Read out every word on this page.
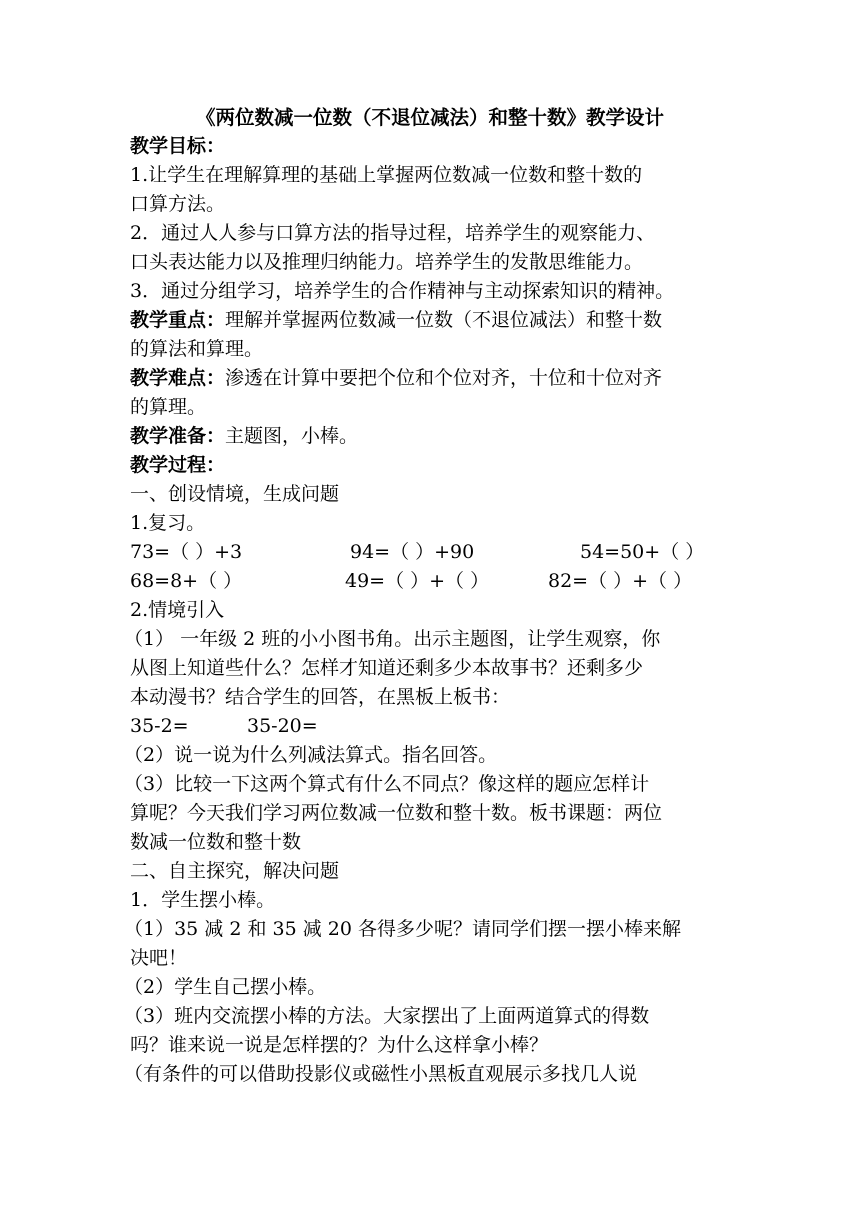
《两位数减一位数（不退位减法）和整十数》教学设计
教学目标：
1.让学生在理解算理的基础上掌握两位数减一位数和整十数的
口算方法。
2．通过人人参与口算方法的指导过程，培养学生的观察能力、
口头表达能力以及推理归纳能力。培养学生的发散思维能力。
3．通过分组学习，培养学生的合作精神与主动探索知识的精神。
教学重点：理解并掌握两位数减一位数（不退位减法）和整十数
的算法和算理。
教学难点：渗透在计算中要把个位和个位对齐，十位和十位对齐
的算理。
教学准备：主题图，小棒。
教学过程：
一、创设情境，生成问题
1.复习。
73=（ ）+3	94=（ ）+90	54=50+（ ）
68=8+（ ）	49=（ ）+（ ）	82=（ ）+（ ）
2.情境引入
（1） 一年级 2 班的小小图书角。出示主题图，让学生观察，你
从图上知道些什么？怎样才知道还剩多少本故事书？还剩多少
本动漫书？结合学生的回答，在黑板上板书：
35-2=	35-20=
（2）说一说为什么列减法算式。指名回答。
（3）比较一下这两个算式有什么不同点？像这样的题应怎样计
算呢？今天我们学习两位数减一位数和整十数。板书课题：两位
数减一位数和整十数
二、自主探究，解决问题
1．学生摆小棒。
（1）35 减 2 和 35 减 20 各得多少呢？请同学们摆一摆小棒来解
决吧！
（2）学生自己摆小棒。
（3）班内交流摆小棒的方法。大家摆出了上面两道算式的得数
吗？谁来说一说是怎样摆的？为什么这样拿小棒？
（有条件的可以借助投影仪或磁性小黑板直观展示多找几人说
